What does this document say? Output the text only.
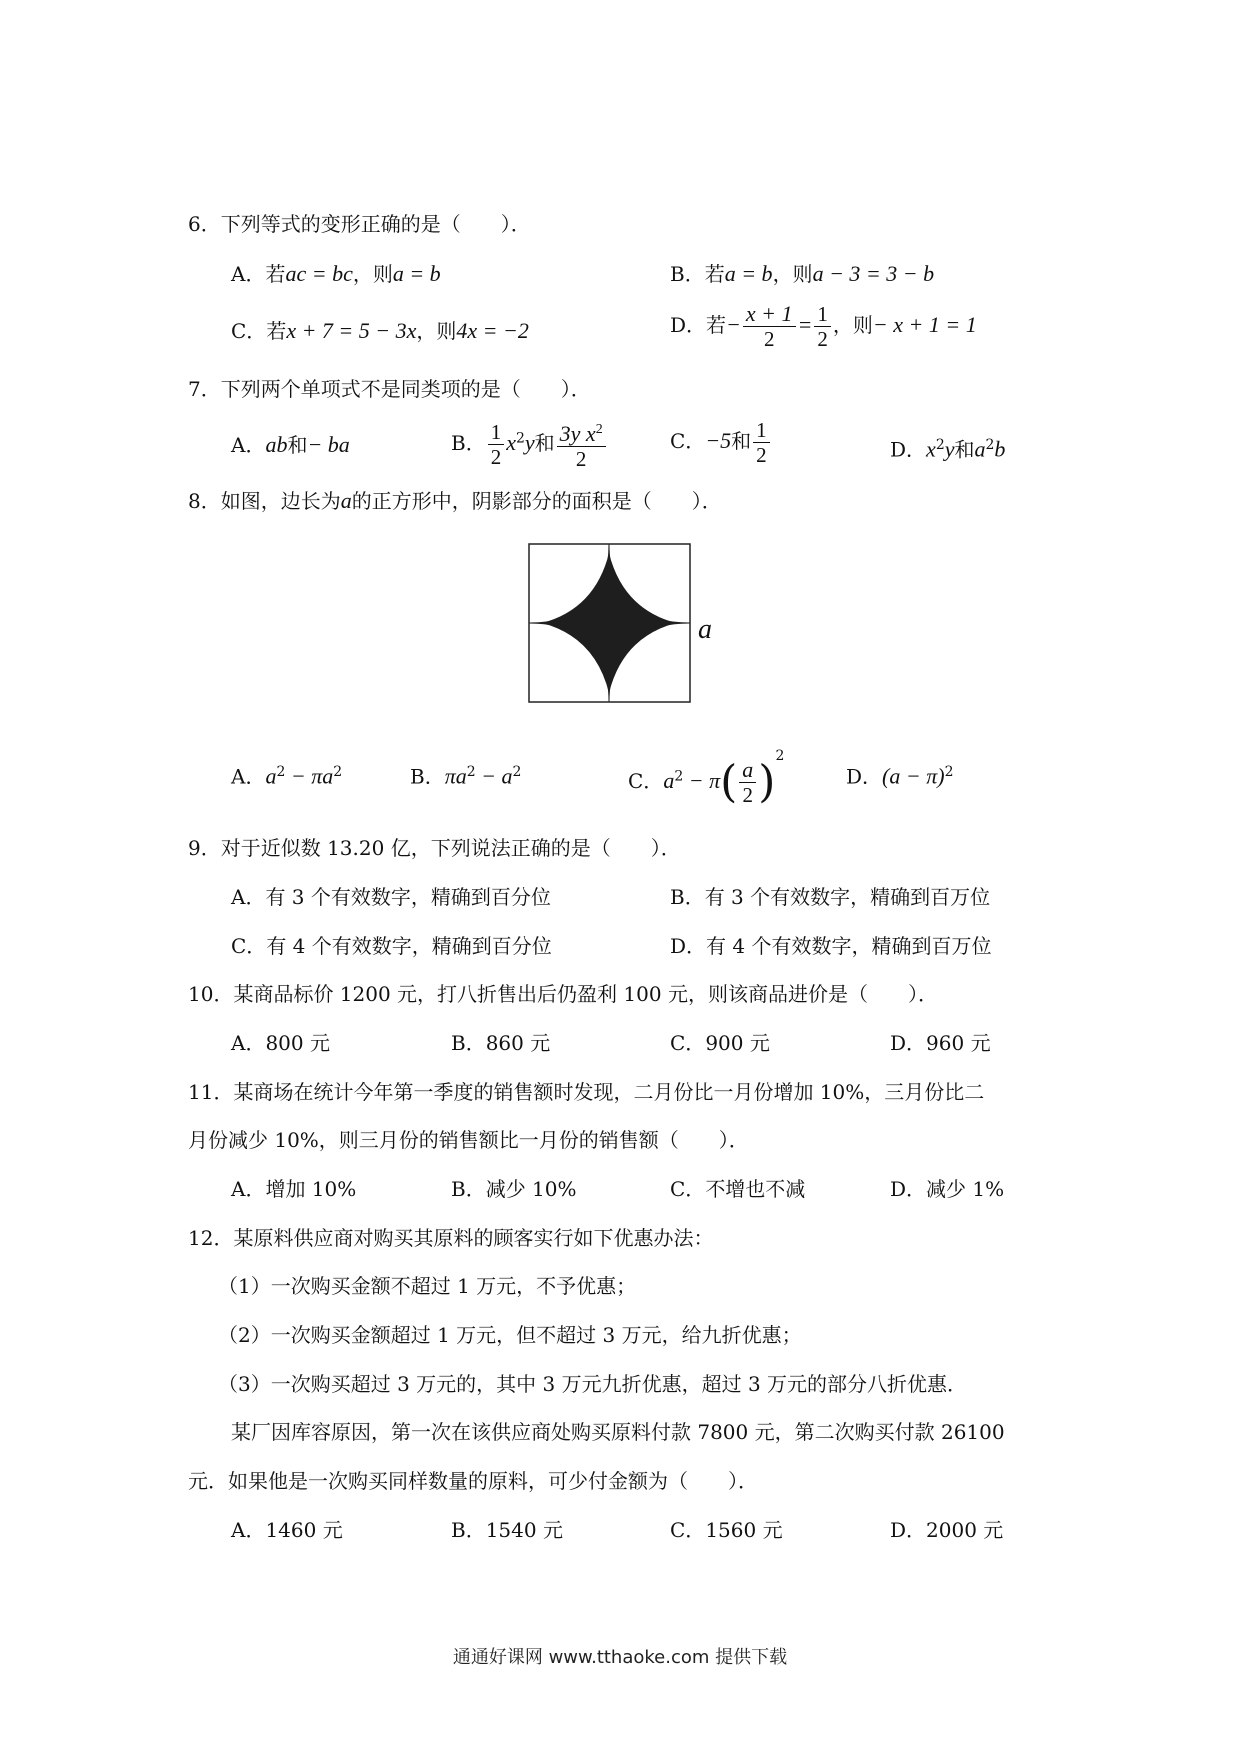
6．下列等式的变形正确的是（　　）．
A．若ac = bc，则a = b	B．若a = b，则a − 3 = 3 − b
C．若x + 7 = 5 − 3x，则4x = −2	D．若− $\frac{x + 1}{2} = \frac{1}{2}$ ，则− x + 1 = 1
7．下列两个单项式不是同类项的是（　　）．
A．ab和− ba	B． $\frac{1}{2} x^2y$和 $\frac{3y x^2}{2}$	C．−5和 $\frac{1}{2}$	D．$x^2y$和$a^2b$
8．如图，边长为a的正方形中，阴影部分的面积是（　　）．
a
A．$a^2 - \pi a^2$	B．$\pi a^2 - a^2$	C．$a^2 - \pi( \frac{a}{2} )^2$
D．$(a - \pi)^2$
9．对于近似数 13.20 亿，下列说法正确的是（　　）．
A．有 3 个有效数字，精确到百分位	B．有 3 个有效数字，精确到百万位
C．有 4 个有效数字，精确到百分位	D．有 4 个有效数字，精确到百万位
10．某商品标价 1200 元，打八折售出后仍盈利 100 元，则该商品进价是（　　）．
A．800 元	B．860 元	C．900 元	D．960 元
11．某商场在统计今年第一季度的销售额时发现，二月份比一月份增加 10%，三月份比二
月份减少 10%，则三月份的销售额比一月份的销售额（　　）．
A．增加 10%	B．减少 10%	C．不增也不减	D．减少 1%
12．某原料供应商对购买其原料的顾客实行如下优惠办法：
（1）一次购买金额不超过 1 万元，不予优惠；
（2）一次购买金额超过 1 万元，但不超过 3 万元，给九折优惠；
（3）一次购买超过 3 万元的，其中 3 万元九折优惠，超过 3 万元的部分八折优惠．
某厂因库容原因，第一次在该供应商处购买原料付款 7800 元，第二次购买付款 26100
元．如果他是一次购买同样数量的原料，可少付金额为（　　）．
A．1460 元	B．1540 元	C．1560 元	D．2000 元
通通好课网 www.tthaoke.com 提供下载
